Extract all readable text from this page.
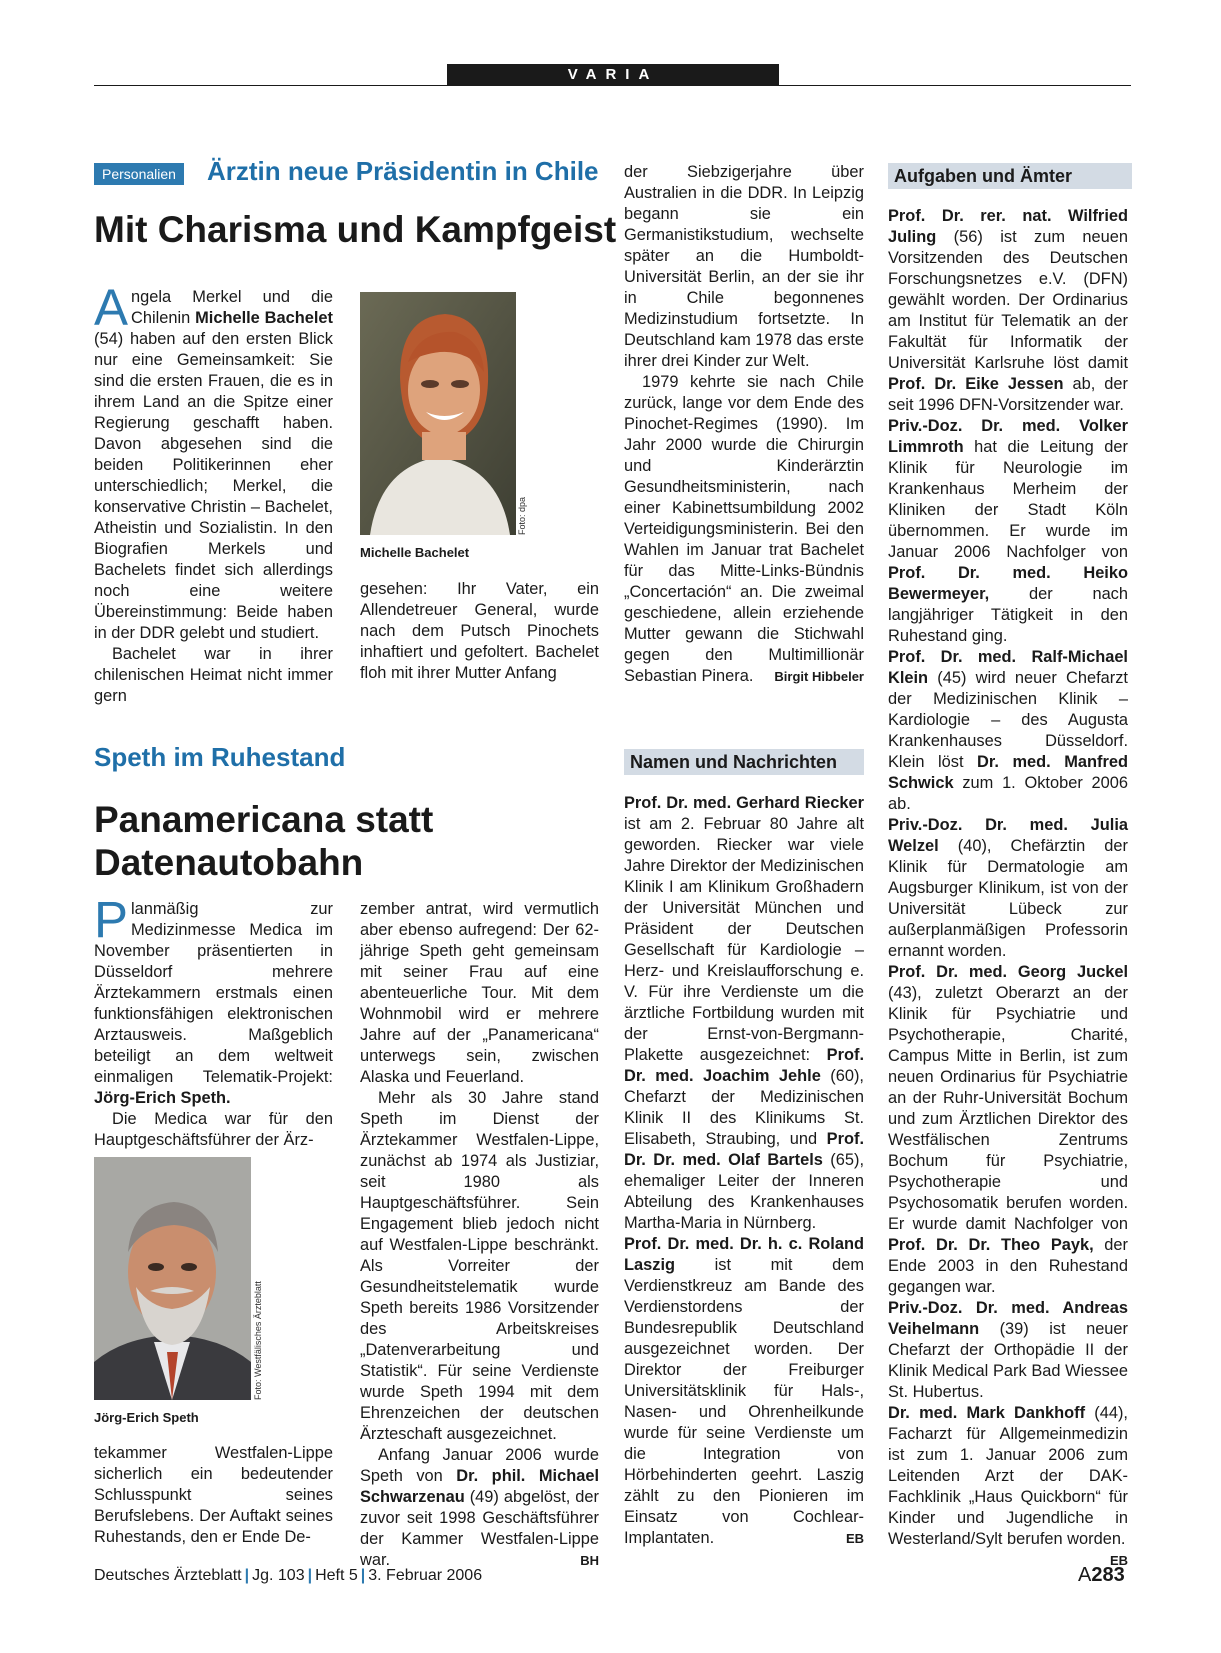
VARIA
Personalien	Ärztin neue Präsidentin in Chile
Mit Charisma und Kampfgeist

Angela Merkel und die Chilenin Michelle Bachelet (54) haben auf den ersten Blick nur eine Gemeinsamkeit: Sie sind die ersten Frauen, die es in ihrem Land an die Spitze einer Regierung geschafft haben. Davon abgesehen sind die beiden Politikerinnen eher unterschiedlich; Merkel, die konservative Christin – Bachelet, Atheistin und Sozialistin. In den Biografien Merkels und Bachelets findet sich allerdings noch eine weitere Übereinstimmung: Beide haben in der DDR gelebt und studiert.

Bachelet war in ihrer chilenischen Heimat nicht immer gern

Foto: dpa
Michelle Bachelet

gesehen: Ihr Vater, ein Allendetreuer General, wurde nach dem Putsch Pinochets inhaftiert und gefoltert. Bachelet floh mit ihrer Mutter Anfang

der Siebzigerjahre über Australien in die DDR. In Leipzig begann sie ein Germanistikstudium, wechselte später an die Humboldt-Universität Berlin, an der sie ihr in Chile begonnenes Medizinstudium fortsetzte. In Deutschland kam 1978 das erste ihrer drei Kinder zur Welt.

1979 kehrte sie nach Chile zurück, lange vor dem Ende des Pinochet-Regimes (1990). Im Jahr 2000 wurde die Chirurgin und Kinderärztin Gesundheitsministerin, nach einer Kabinettsumbildung 2002 Verteidigungsministerin. Bei den Wahlen im Januar trat Bachelet für das Mitte-Links-Bündnis „Concertación“ an. Die zweimal geschiedene, allein erziehende Mutter gewann die Stichwahl gegen den Multimillionär Sebastian Pinera.	Birgit Hibbeler

Speth im Ruhestand
Panamericana statt
Datenautobahn

Planmäßig zur Medizinmesse Medica im November präsentierten in Düsseldorf mehrere Ärztekammern erstmals einen funktionsfähigen elektronischen Arztausweis. Maßgeblich beteiligt an dem weltweit einmaligen Telematik-Projekt: Jörg-Erich Speth.

Die Medica war für den Hauptgeschäftsführer der Ärz-

Foto: Westfälisches Ärzteblatt
Jörg-Erich Speth

tekammer Westfalen-Lippe sicherlich ein bedeutender Schlusspunkt seines Berufslebens. Der Auftakt seines Ruhestands, den er Ende De-

zember antrat, wird vermutlich aber ebenso aufregend: Der 62-jährige Speth geht gemeinsam mit seiner Frau auf eine abenteuerliche Tour. Mit dem Wohnmobil wird er mehrere Jahre auf der „Panamericana“ unterwegs sein, zwischen Alaska und Feuerland.

Mehr als 30 Jahre stand Speth im Dienst der Ärztekammer Westfalen-Lippe, zunächst ab 1974 als Justiziar, seit 1980 als Hauptgeschäftsführer. Sein Engagement blieb jedoch nicht auf Westfalen-Lippe beschränkt. Als Vorreiter der Gesundheitstelematik wurde Speth bereits 1986 Vorsitzender des Arbeitskreises „Datenverarbeitung und Statistik“. Für seine Verdienste wurde Speth 1994 mit dem Ehrenzeichen der deutschen Ärzteschaft ausgezeichnet.

Anfang Januar 2006 wurde Speth von Dr. phil. Michael Schwarzenau (49) abgelöst, der zuvor seit 1998 Geschäftsführer der Kammer Westfalen-Lippe war.	BH

Namen und Nachrichten

Prof. Dr. med. Gerhard Riecker ist am 2. Februar 80 Jahre alt geworden. Riecker war viele Jahre Direktor der Medizinischen Klinik I am Klinikum Großhadern der Universität München und Präsident der Deutschen Gesellschaft für Kardiologie – Herz- und Kreislaufforschung e. V. Für ihre Verdienste um die ärztliche Fortbildung wurden mit der Ernst-von-Bergmann-Plakette ausgezeichnet: Prof. Dr. med. Joachim Jehle (60), Chefarzt der Medizinischen Klinik II des Klinikums St. Elisabeth, Straubing, und Prof. Dr. Dr. med. Olaf Bartels (65), ehemaliger Leiter der Inneren Abteilung des Krankenhauses Martha-Maria in Nürnberg.

Prof. Dr. med. Dr. h. c. Roland Laszig ist mit dem Verdienstkreuz am Bande des Verdienstordens der Bundesrepublik Deutschland ausgezeichnet worden. Der Direktor der Freiburger Universitätsklinik für Hals-, Nasen- und Ohrenheilkunde wurde für seine Verdienste um die Integration von Hörbehinderten geehrt. Laszig zählt zu den Pionieren im Einsatz von Cochlear-Implantaten.	EB

Aufgaben und Ämter

Prof. Dr. rer. nat. Wilfried Juling (56) ist zum neuen Vorsitzenden des Deutschen Forschungsnetzes e.V. (DFN) gewählt worden. Der Ordinarius am Institut für Telematik an der Fakultät für Informatik der Universität Karlsruhe löst damit Prof. Dr. Eike Jessen ab, der seit 1996 DFN-Vorsitzender war.

Priv.-Doz. Dr. med. Volker Limmroth hat die Leitung der Klinik für Neurologie im Krankenhaus Merheim der Kliniken der Stadt Köln übernommen. Er wurde im Januar 2006 Nachfolger von Prof. Dr. med. Heiko Bewermeyer, der nach langjähriger Tätigkeit in den Ruhestand ging.

Prof. Dr. med. Ralf-Michael Klein (45) wird neuer Chefarzt der Medizinischen Klinik – Kardiologie – des Augusta Krankenhauses Düsseldorf. Klein löst Dr. med. Manfred Schwick zum 1. Oktober 2006 ab.

Priv.-Doz. Dr. med. Julia Welzel (40), Chefärztin der Klinik für Dermatologie am Augsburger Klinikum, ist von der Universität Lübeck zur außerplanmäßigen Professorin ernannt worden.

Prof. Dr. med. Georg Juckel (43), zuletzt Oberarzt an der Klinik für Psychiatrie und Psychotherapie, Charité, Campus Mitte in Berlin, ist zum neuen Ordinarius für Psychiatrie an der Ruhr-Universität Bochum und zum Ärztlichen Direktor des Westfälischen Zentrums Bochum für Psychiatrie, Psychotherapie und Psychosomatik berufen worden. Er wurde damit Nachfolger von Prof. Dr. Dr. Theo Payk, der Ende 2003 in den Ruhestand gegangen war.

Priv.-Doz. Dr. med. Andreas Veihelmann (39) ist neuer Chefarzt der Orthopädie II der Klinik Medical Park Bad Wiessee St. Hubertus.

Dr. med. Mark Dankhoff (44), Facharzt für Allgemeinmedizin ist zum 1. Januar 2006 zum Leitenden Arzt der DAK-Fachklinik „Haus Quickborn“ für Kinder und Jugendliche in Westerland/Sylt berufen worden.
EB

Deutsches Ärzteblatt | Jg. 103 | Heft 5 | 3. Februar 2006	A283
